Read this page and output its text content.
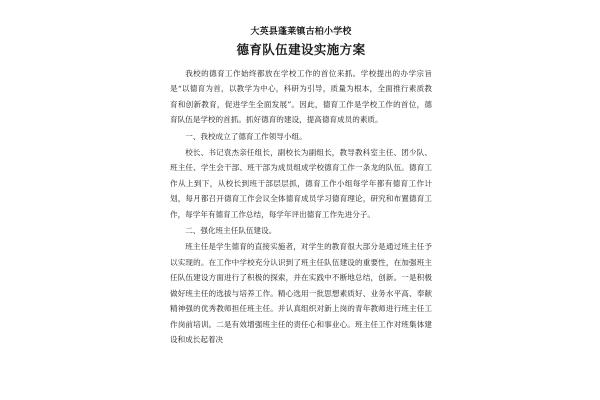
大英县蓬莱镇古柏小学校
德育队伍建设实施方案
我校的德育工作始终都放在学校工作的首位来抓。学校提出的办学宗旨是“以德育为首，以教学为中心，科研为引导，质量为根本，全面推行素质教育和创新教育，促进学生全面发展”。因此，德育工作是学校工作的首位，德育队伍是学校的首抓。抓好德育的建设，提高德育成员的素质。
一、我校成立了德育工作领导小组。
校长、书记袁杰亲任组长，副校长为副组长，教导教科室主任、团少队、班主任、学生会干部、班干部为成员组成学校德育工作一条龙的队伍。德育工作从上到下，从校长到班干部层层抓，德育工作小组每学年都有德育工作计划，每月都召开德育工作会议全体德育成员学习德育理论，研究和布置德育工作，每学年有德育工作总结，每学年评出德育工作先进分子。
二、强化班主任队伍建设。
班主任是学生德育的直接实施者，对学生的教育很大部分是通过班主任予以实现的。在工作中学校充分认识到了班主任队伍建设的重要性，在加强班主任队伍建设方面进行了积极的探索，并在实践中不断地总结，创新。一是积极做好班主任的选拔与培养工作。精心选用一批思想素质好、业务水平高、奉献精神强的优秀教师担任班主任。并认真组织对新上岗的青年教师进行班主任工作岗前培训。二是有效增强班主任的责任心和事业心。班主任工作对班集体建设和成长起着决
